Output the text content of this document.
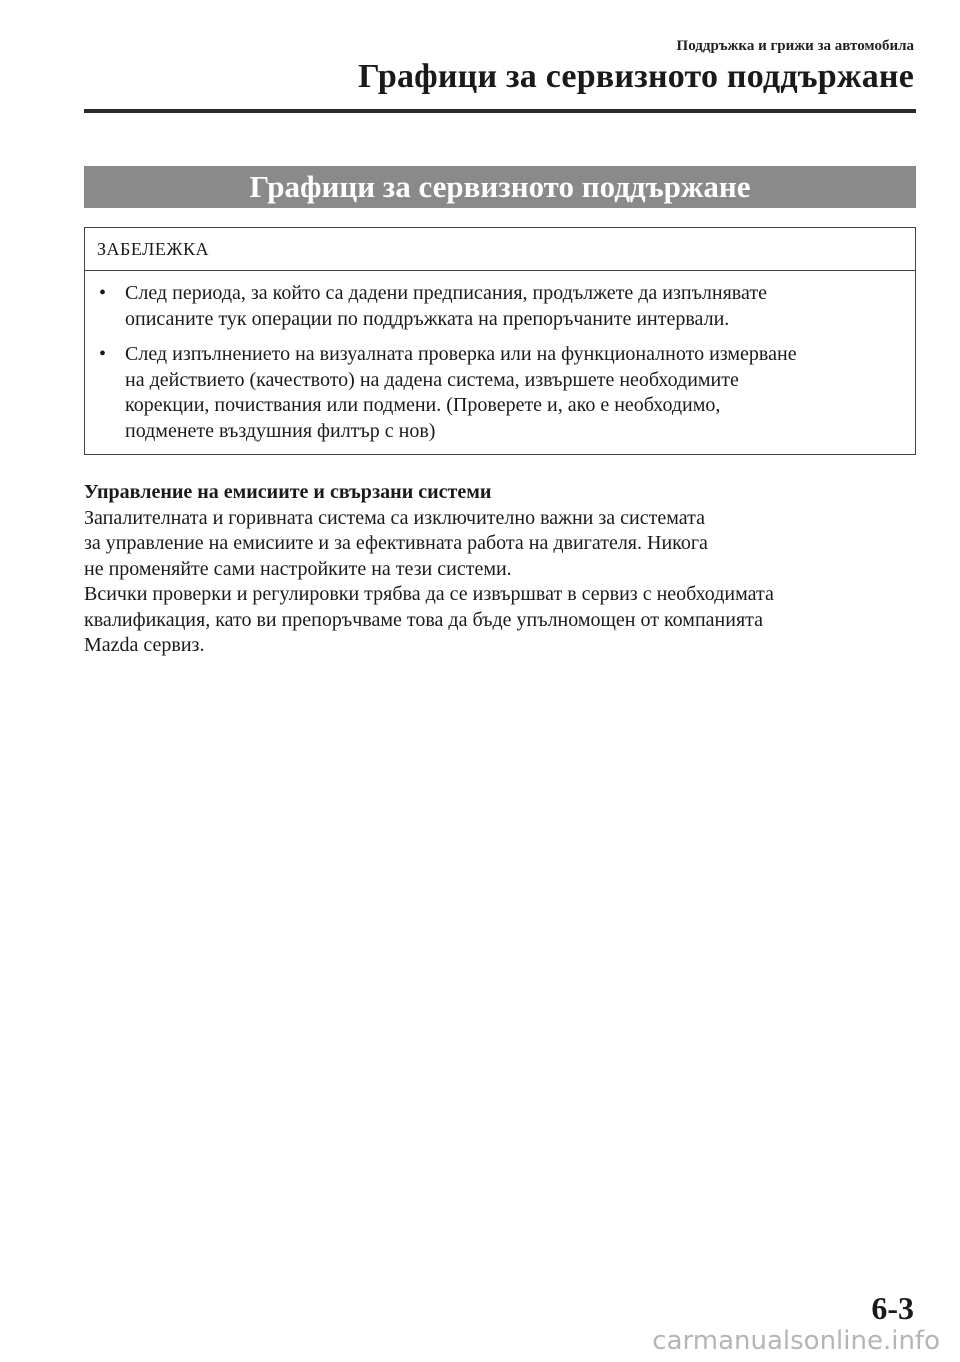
Поддръжка и грижи за автомобила
Графици за сервизното поддържане
Графици за сервизното поддържане
ЗАБЕЛЕЖКА
• След периода, за който са дадени предписания, продължете да изпълнявате
описаните тук операции по поддръжката на препоръчаните интервали.
• След изпълнението на визуалната проверка или на функционалното измерване
на действието (качеството) на дадена система, извършете необходимите
корекции, почиствания или подмени. (Проверете и, ако е необходимо,
подменете въздушния филтър с нов)
Управление на емисиите и свързани системи
Запалителната и горивната система са изключително важни за системата
за управление на емисиите и за ефективната работа на двигателя. Никога
не променяйте сами настройките на тези системи.
Всички проверки и регулировки трябва да се извършват в сервиз с необходимата
квалификация, като ви препоръчваме това да бъде упълномощен от компанията
Mazda сервиз.
6-3
carmanualsonline.info
